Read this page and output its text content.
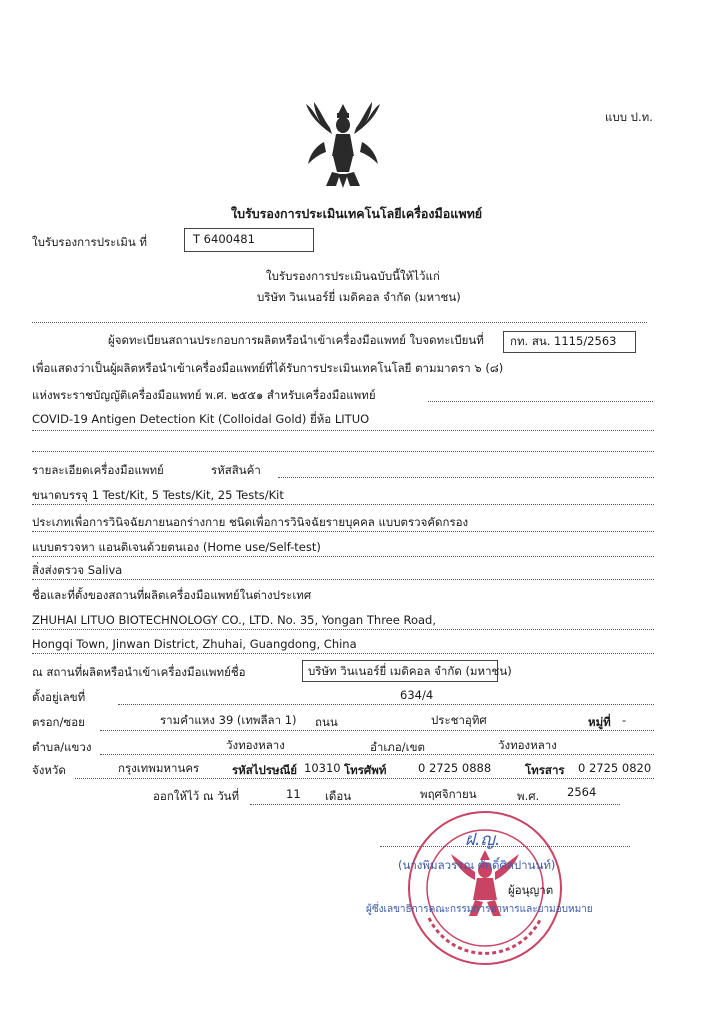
แบบ ป.ท.
ใบรับรองการประเมินเทคโนโลยีเครื่องมือแพทย์
ใบรับรองการประเมิน ที่	T 6400481
ใบรับรองการประเมินฉบับนี้ให้ไว้แก่
บริษัท วินเนอร์ยี่ เมดิคอล จำกัด (มหาชน)
ผู้จดทะเบียนสถานประกอบการผลิตหรือนำเข้าเครื่องมือแพทย์ ใบจดทะเบียนที่ กท. สน. 1115/2563
เพื่อแสดงว่าเป็นผู้ผลิตหรือนำเข้าเครื่องมือแพทย์ที่ได้รับการประเมินเทคโนโลยี ตามมาตรา ๖ (๘)
แห่งพระราชบัญญัติเครื่องมือแพทย์ พ.ศ. ๒๕๕๑ สำหรับเครื่องมือแพทย์
COVID-19 Antigen Detection Kit (Colloidal Gold) ยี่ห้อ LITUO
รายละเอียดเครื่องมือแพทย์	รหัสสินค้า
ขนาดบรรจุ 1 Test/Kit, 5 Tests/Kit, 25 Tests/Kit
ประเภทเพื่อการวินิจฉัยภายนอกร่างกาย ชนิดเพื่อการวินิจฉัยรายบุคคล แบบตรวจคัดกรอง
แบบตรวจหา แอนติเจนด้วยตนเอง (Home use/Self-test)
สิ่งส่งตรวจ Saliva
ชื่อและที่ตั้งของสถานที่ผลิตเครื่องมือแพทย์ในต่างประเทศ
ZHUHAI LITUO BIOTECHNOLOGY CO., LTD. No. 35, Yongan Three Road,
Hongqi Town, Jinwan District, Zhuhai, Guangdong, China
ณ สถานที่ผลิตหรือนำเข้าเครื่องมือแพทย์ชื่อ	บริษัท วินเนอร์ยี่ เมดิคอล จำกัด (มหาชน)
ตั้งอยู่เลขที่	634/4
ตรอก/ซอย	รามคำแหง 39 (เทพลีลา 1) ถนน	ประชาอุทิศ	หมู่ที่ -
ตำบล/แขวง	วังทองหลาง	อำเภอ/เขต	วังทองหลาง
จังหวัด	กรุงเทพมหานคร	รหัสไปรษณีย์ 10310 โทรศัพท์	0 2725 0888	โทรสาร 0 2725 0820
ออกให้ไว้ ณ วันที่	11 เดือน	พฤศจิกายน	พ.ศ. 2564
ฝ.ญ.
(นางพิมลวรรณ ศักดิ์ศิลปานนท์)
ผู้อนุญาต
ผู้ซึ่งเลขาธิการคณะกรรมการอาหารและยามอบหมาย
